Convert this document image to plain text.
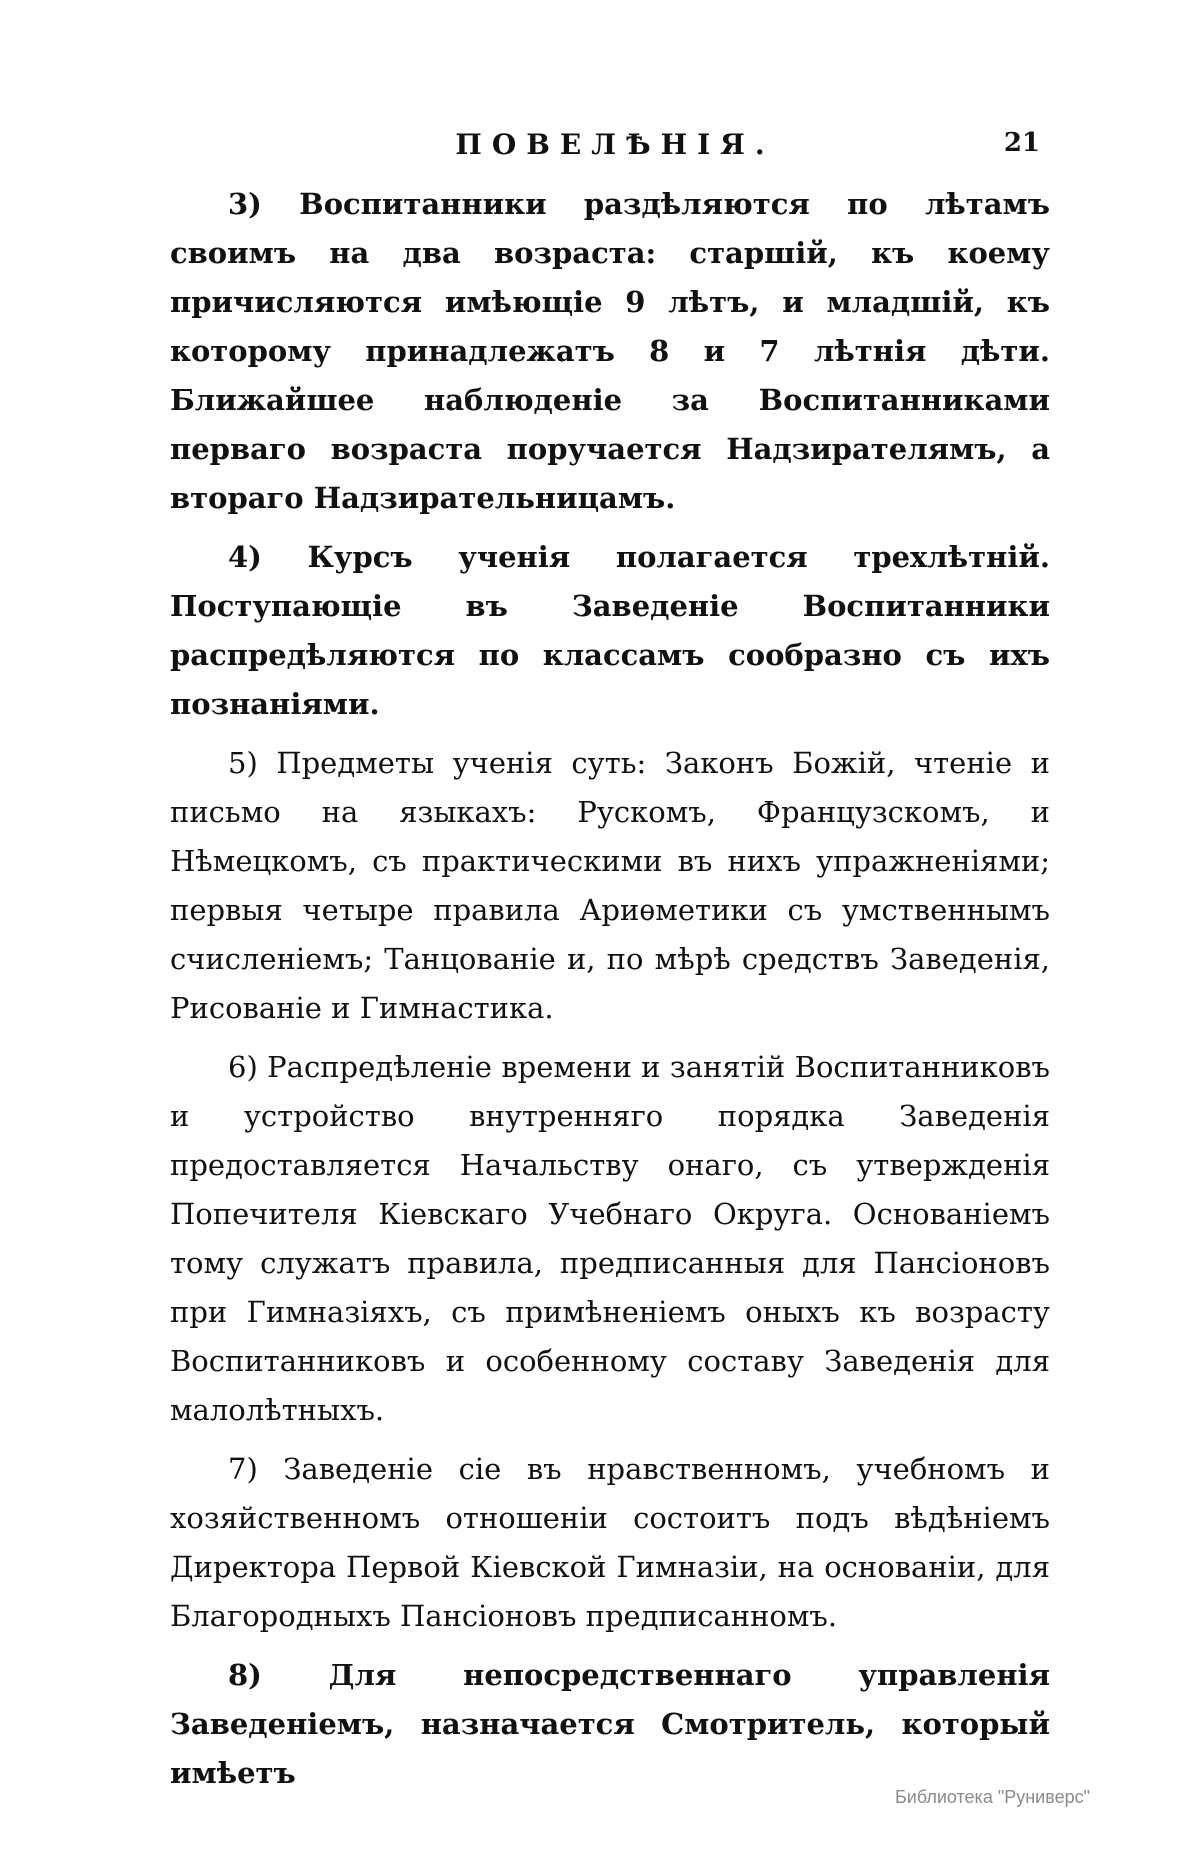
ПОВЕЛѢНІЯ.	21

3) Воспитанники раздѣляются по лѣтамъ своимъ на два возраста: старшій, къ коему причисляются имѣющіе 9 лѣтъ, и младшій, къ которому принадлежатъ 8 и 7 лѣтнія дѣти. Ближайшее наблюденіе за Воспитанниками перваго возраста поручается Надзирателямъ, а втораго Надзирательницамъ.

4) Курсъ ученія полагается трехлѣтній. Поступающіе въ Заведеніе Воспитанники распредѣляются по классамъ сообразно съ ихъ познаніями.

5) Предметы ученія суть: Законъ Божій, чтеніе и письмо на языкахъ: Рускомъ, Французскомъ, и Нѣмецкомъ, съ практическими въ нихъ упражненіями; первыя четыре правила Ариѳметики съ умственнымъ счисленіемъ; Танцованіе и, по мѣрѣ средствъ Заведенія, Рисованіе и Гимнастика.

6) Распредѣленіе времени и занятій Воспитанниковъ и устройство внутренняго порядка Заведенія предоставляется Начальству онаго, съ утвержденія Попечителя Кіевскаго Учебнаго Округа. Основаніемъ тому служатъ правила, предписанныя для Пансіоновъ при Гимназіяхъ, съ примѣненіемъ оныхъ къ возрасту Воспитанниковъ и особенному составу Заведенія для малолѣтныхъ.

7) Заведеніе сіе въ нравственномъ, учебномъ и хозяйственномъ отношеніи состоитъ подъ вѣдѣніемъ Директора Первой Кіевской Гимназіи, на основаніи, для Благородныхъ Пансіоновъ предписанномъ.

8) Для непосредственнаго управленія Заведеніемъ, назначается Смотритель, который имѣетъ

Библиотека "Руниверс"
